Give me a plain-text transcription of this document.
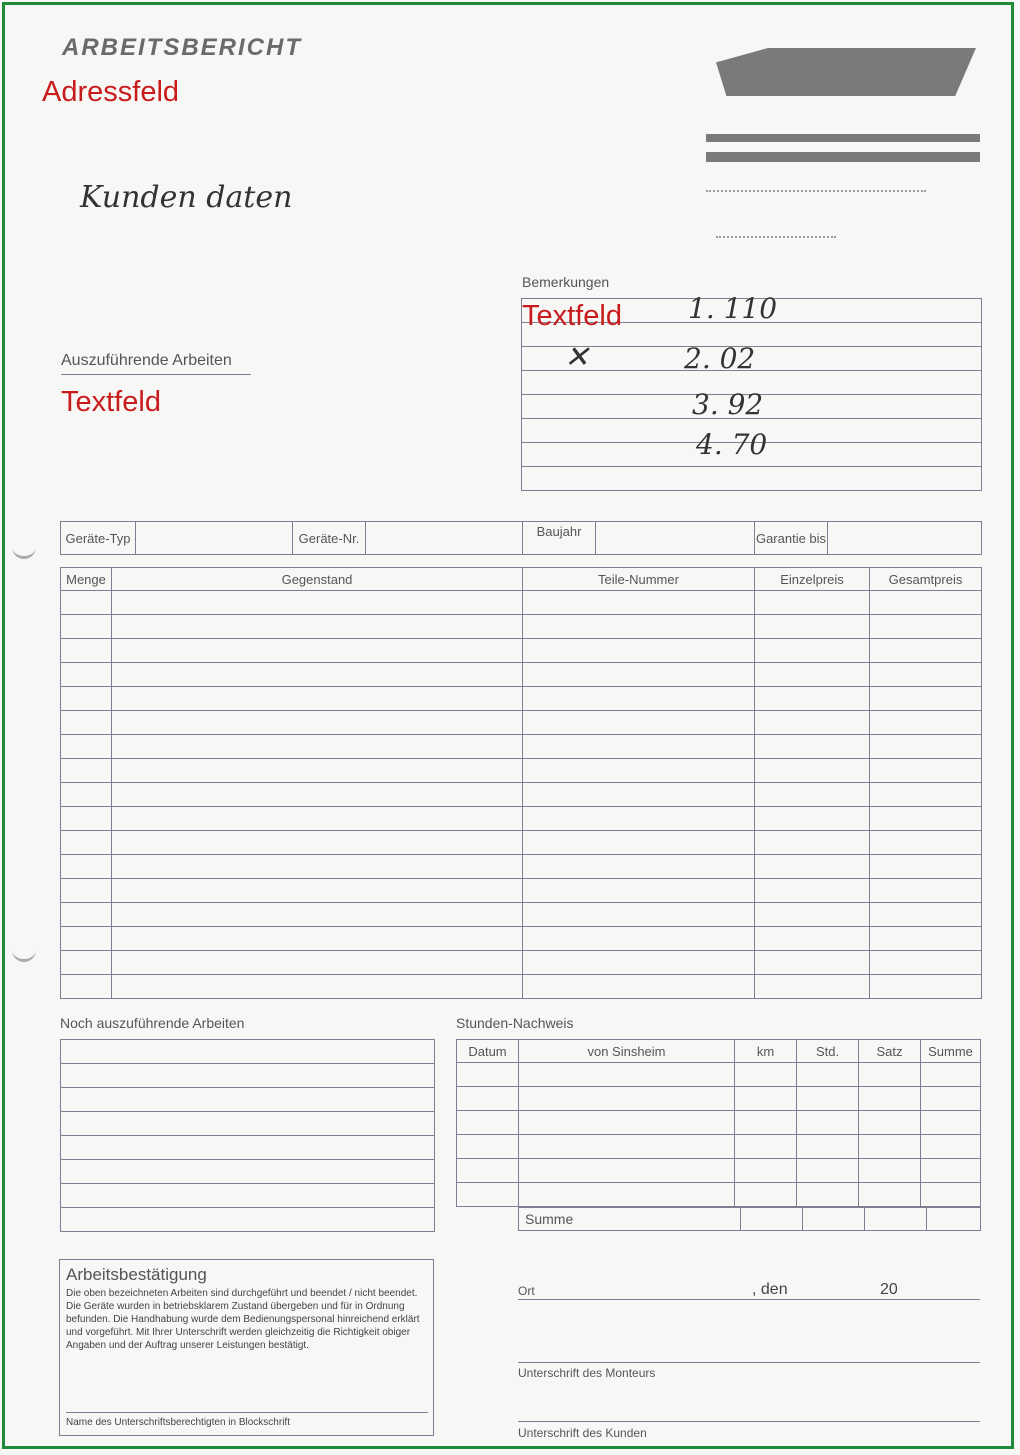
ARBEITSBERICHT
Adressfeld
Kunden daten
Bemerkungen

Textfeld 1. 110
2. 02
3. 92
4. 70
✕
Auszuführende Arbeiten
Textfeld
Geräte-Typ		Geräte-Nr.		Baujahr		Garantie bis	
Menge	Gegenstand	Teile-Nummer	Einzelpreis	Gesamtpreis

Noch auszuführende Arbeiten	Stunden-Nachweis
Datum	von Sinsheim	km	Std.	Satz	Summe

Summe				
Arbeitsbestätigung
Die oben bezeichneten Arbeiten sind durchgeführt und beendet / nicht beendet. Die Geräte wurden in betriebsklarem Zustand übergeben und für in Ordnung befunden. Die Handhabung wurde dem Bedienungspersonal hinreichend erklärt und vorgeführt. Mit Ihrer Unterschrift werden gleichzeitig die Richtigkeit obiger Angaben und der Auftrag unserer Leistungen bestätigt.
Name des Unterschriftsberechtigten in Blockschrift
Ort	, den	20
Unterschrift des Monteurs
Unterschrift des Kunden
